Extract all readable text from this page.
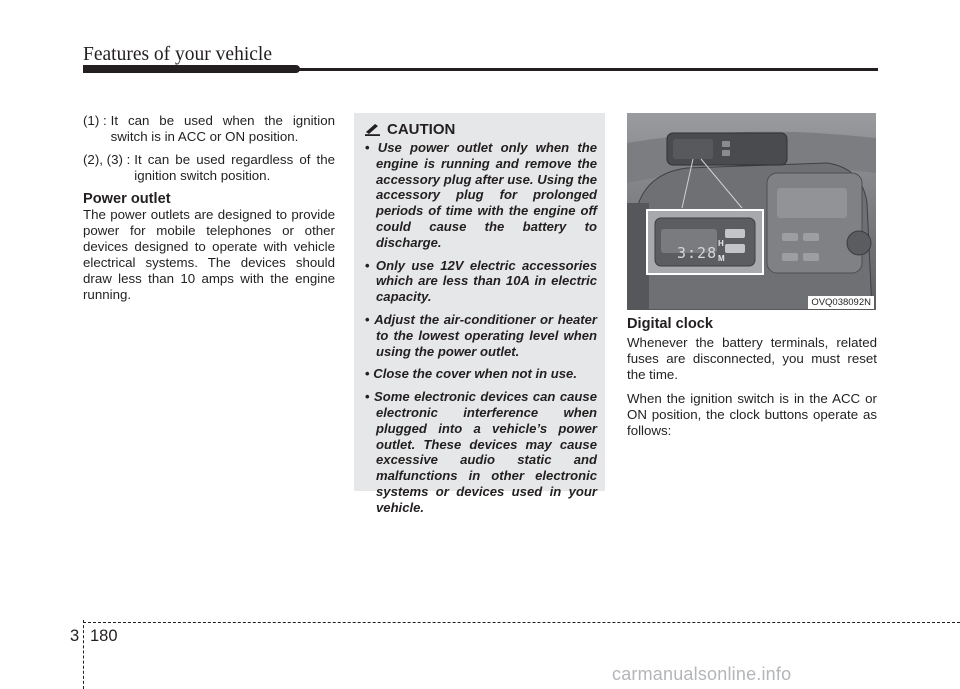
Features of your vehicle
(1) : It can be used when the ignition switch is in ACC or ON position.
(2), (3) : It can be used regardless of the ignition switch position.

Power outlet

The power outlets are designed to provide power for mobile telephones or other devices designed to operate with vehicle electrical systems. The devices should draw less than 10 amps with the engine running.

CAUTION
• Use power outlet only when the engine is running and remove the accessory plug after use. Using the accessory plug for prolonged periods of time with the engine off could cause the battery to discharge.
• Only use 12V electric accessories which are less than 10A in electric capacity.
• Adjust the air-conditioner or heater to the lowest operating level when using the power outlet.
• Close the cover when not in use.
• Some electronic devices can cause electronic interference when plugged into a vehicle’s power outlet. These devices may cause excessive audio static and malfunctions in other electronic systems or devices used in your vehicle.
3:28
H
M
OVQ038092N

Digital clock

Whenever the battery terminals, related fuses are disconnected, you must reset the time.

When the ignition switch is in the ACC or ON position, the clock buttons operate as follows:

3 180
carmanualsonline.info
